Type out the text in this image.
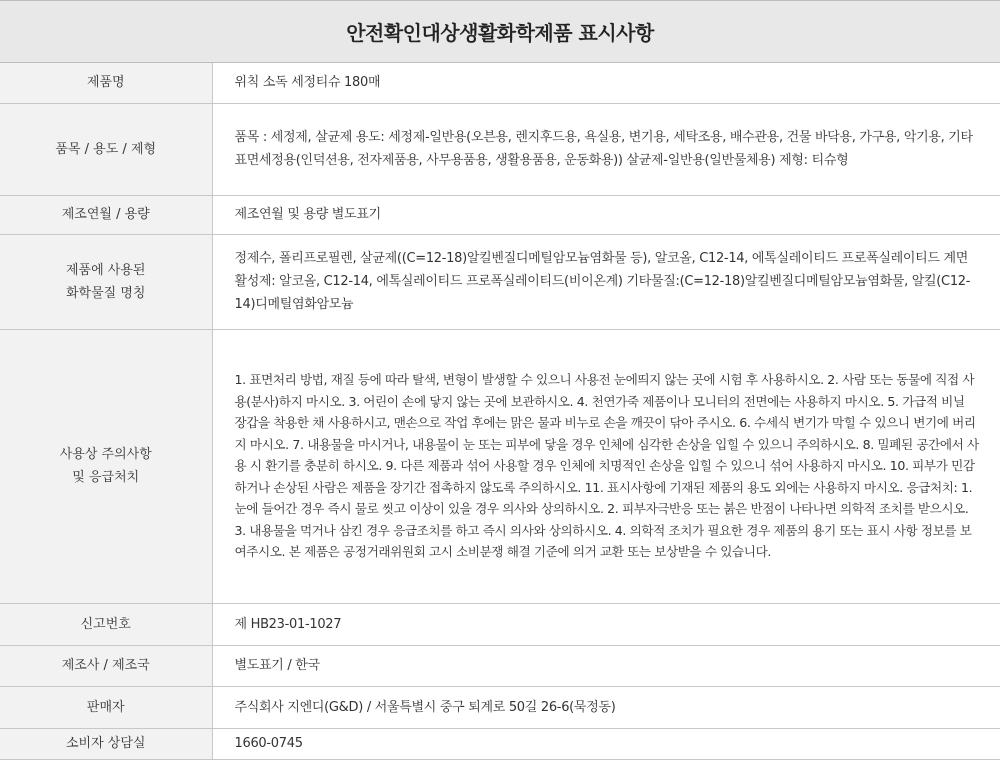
안전확인대상생활화학제품 표시사항
제품명	위칙 소독 세정티슈 180매

품목 / 용도 / 제형	품목 : 세정제, 살균제 용도: 세정제-일반용(오븐용, 렌지후드용, 욕실용, 변기용, 세탁조용, 배수관용, 건물 바닥용, 가구용, 악기용, 기타표면세정용(인덕션용, 전자제품용, 사무용품용, 생활용품용, 운동화용)) 살균제-일반용(일반물체용) 제형: 티슈형

제조연월 / 용량	제조연월 및 용량 별도표기

제품에 사용된
화학물질 명칭	정제수, 폴리프로필렌, 살균제((C=12-18)알킬벤질디메틸암모늄염화물 등), 알코올, C12-14, 에톡실레이티드 프로폭실레이티드 계면활성제: 알코올, C12-14, 에톡실레이티드 프로폭실레이티드(비이온계) 기타물질:(C=12-18)알킬벤질디메틸암모늄염화물, 알킬(C12-14)디메틸염화암모늄

사용상 주의사항
및 응급처치	1. 표면처리 방법, 재질 등에 따라 탈색, 변형이 발생할 수 있으니 사용전 눈에띄지 않는 곳에 시험 후 사용하시오. 2. 사람 또는 동물에 직접 사용(분사)하지 마시오. 3. 어린이 손에 닿지 않는 곳에 보관하시오. 4. 천연가죽 제품이나 모니터의 전면에는 사용하지 마시오. 5. 가급적 비닐 장갑을 착용한 채 사용하시고, 맨손으로 작업 후에는 맑은 물과 비누로 손을 깨끗이 닦아 주시오. 6. 수세식 변기가 막힐 수 있으니 변기에 버리지 마시오. 7. 내용물을 마시거나, 내용물이 눈 또는 피부에 닿을 경우 인체에 심각한 손상을 입힐 수 있으니 주의하시오. 8. 밀폐된 공간에서 사용 시 환기를 충분히 하시오. 9. 다른 제품과 섞어 사용할 경우 인체에 치명적인 손상을 입힐 수 있으니 섞어 사용하지 마시오. 10. 피부가 민감하거나 손상된 사람은 제품을 장기간 접촉하지 않도록 주의하시오. 11. 표시사항에 기재된 제품의 용도 외에는 사용하지 마시오. 응급처치: 1. 눈에 들어간 경우 즉시 물로 씻고 이상이 있을 경우 의사와 상의하시오. 2. 피부자극반응 또는 붉은 반점이 나타나면 의학적 조치를 받으시오. 3. 내용물을 먹거나 삼킨 경우 응급조치를 하고 즉시 의사와 상의하시오. 4. 의학적 조치가 필요한 경우 제품의 용기 또는 표시 사항 정보를 보여주시오. 본 제품은 공정거래위원회 고시 소비분쟁 해결 기준에 의거 교환 또는 보상받을 수 있습니다.

신고번호	제 HB23-01-1027

제조사 / 제조국	별도표기 / 한국

판매자	주식회사 지엔디(G&D) / 서울특별시 중구 퇴계로 50길 26-6(묵정동)

소비자 상담실	1660-0745
